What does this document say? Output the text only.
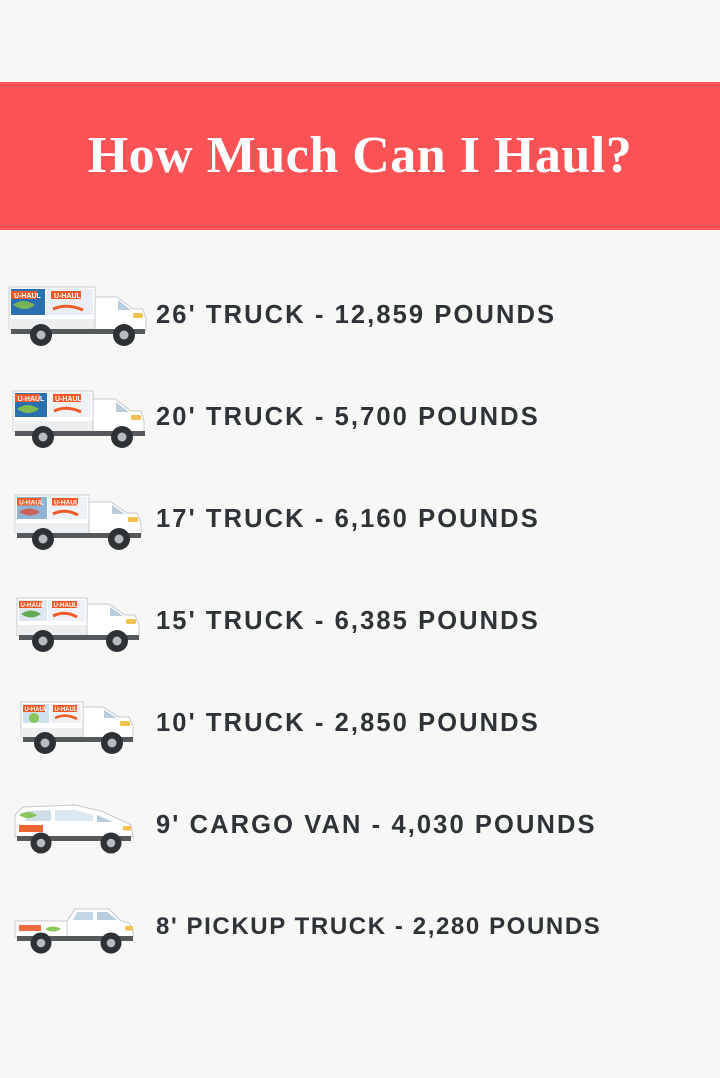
How Much Can I Haul?
U-HAUL U-HAUL
26' TRUCK - 12,859 POUNDS
U-HAUL U-HAUL
20' TRUCK - 5,700 POUNDS
U-HAUL U-HAUL
17' TRUCK - 6,160 POUNDS
U-HAUL U-HAUL
15' TRUCK - 6,385 POUNDS
U-HAUL U-HAUL	10' TRUCK - 2,850 POUNDS
9' CARGO VAN - 4,030 POUNDS
8' PICKUP TRUCK - 2,280 POUNDS
